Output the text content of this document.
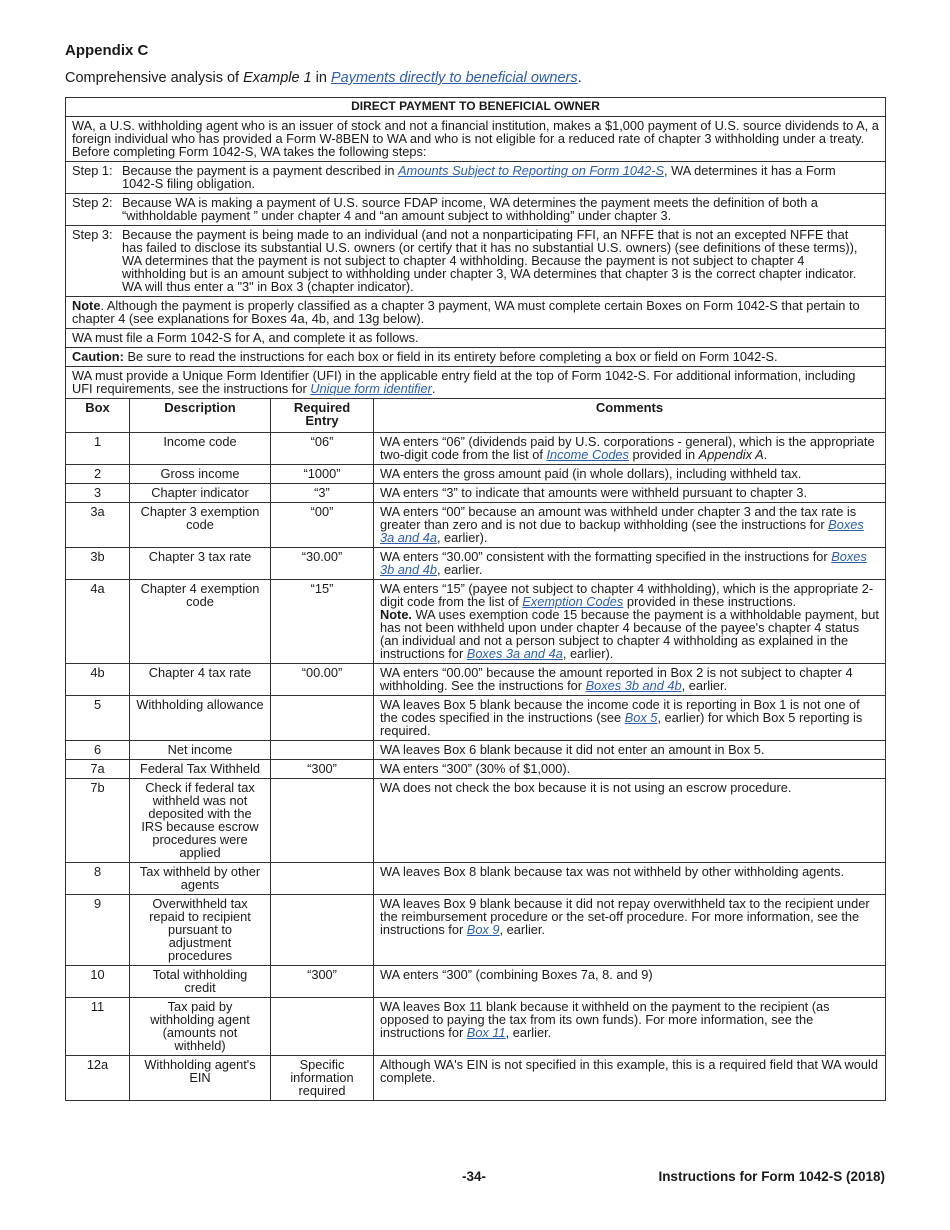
Appendix C
Comprehensive analysis of Example 1 in Payments directly to beneficial owners.
DIRECT PAYMENT TO BENEFICIAL OWNER			
WA, a U.S. withholding agent who is an issuer of stock and not a financial institution, makes a $1,000 payment of U.S. source dividends to A, a foreign individual who has provided a Form W-8BEN to WA and who is not eligible for a reduced rate of chapter 3 withholding under a treaty. Before completing Form 1042-S, WA takes the following steps:			
Step 1: Because the payment is a payment described in Amounts Subject to Reporting on Form 1042-S, WA determines it has a Form 1042-S filing obligation.			
Step 2: Because WA is making a payment of U.S. source FDAP income, WA determines the payment meets the definition of both a “withholdable payment ” under chapter 4 and “an amount subject to withholding” under chapter 3.			
Step 3: Because the payment is being made to an individual (and not a nonparticipating FFI, an NFFE that is not an excepted NFFE that has failed to disclose its substantial U.S. owners (or certify that it has no substantial U.S. owners) (see definitions of these terms)), WA determines that the payment is not subject to chapter 4 withholding. Because the payment is not subject to chapter 4 withholding but is an amount subject to withholding under chapter 3, WA determines that chapter 3 is the correct chapter indicator. WA will thus enter a "3" in Box 3 (chapter indicator).			
Note. Although the payment is properly classified as a chapter 3 payment, WA must complete certain Boxes on Form 1042-S that pertain to chapter 4 (see explanations for Boxes 4a, 4b, and 13g below).			
WA must file a Form 1042-S for A, and complete it as follows.			
Caution: Be sure to read the instructions for each box or field in its entirety before completing a box or field on Form 1042-S.			
WA must provide a Unique Form Identifier (UFI) in the applicable entry field at the top of Form 1042-S. For additional information, including UFI requirements, see the instructions for Unique form identifier.			
Box	Description	Required Entry	Comments
1	Income code	“06”	WA enters “06” (dividends paid by U.S. corporations - general), which is the appropriate two-digit code from the list of Income Codes provided in Appendix A.
2	Gross income	“1000”	WA enters the gross amount paid (in whole dollars), including withheld tax.
3	Chapter indicator	“3”	WA enters “3” to indicate that amounts were withheld pursuant to chapter 3.
3a	Chapter 3 exemption code	“00”	WA enters “00” because an amount was withheld under chapter 3 and the tax rate is greater than zero and is not due to backup withholding (see the instructions for Boxes 3a and 4a, earlier).
3b	Chapter 3 tax rate	“30.00”	WA enters “30.00” consistent with the formatting specified in the instructions for Boxes 3b and 4b, earlier.
4a	Chapter 4 exemption code	“15”	WA enters “15” (payee not subject to chapter 4 withholding), which is the appropriate 2-digit code from the list of Exemption Codes provided in these instructions.
Note. WA uses exemption code 15 because the payment is a withholdable payment, but has not been withheld upon under chapter 4 because of the payee's chapter 4 status (an individual and not a person subject to chapter 4 withholding as explained in the instructions for Boxes 3a and 4a, earlier).
4b	Chapter 4 tax rate	“00.00”	WA enters “00.00” because the amount reported in Box 2 is not subject to chapter 4 withholding. See the instructions for Boxes 3b and 4b, earlier.
5	Withholding allowance		WA leaves Box 5 blank because the income code it is reporting in Box 1 is not one of the codes specified in the instructions (see Box 5, earlier) for which Box 5 reporting is required.
6	Net income		WA leaves Box 6 blank because it did not enter an amount in Box 5.
7a	Federal Tax Withheld	“300”	WA enters “300” (30% of $1,000).
7b	Check if federal tax withheld was not deposited with the IRS because escrow procedures were applied		WA does not check the box because it is not using an escrow procedure.
8	Tax withheld by other agents		WA leaves Box 8 blank because tax was not withheld by other withholding agents.
9	Overwithheld tax repaid to recipient pursuant to adjustment procedures		WA leaves Box 9 blank because it did not repay overwithheld tax to the recipient under the reimbursement procedure or the set-off procedure. For more information, see the instructions for Box 9, earlier.
10	Total withholding credit	“300”	WA enters “300” (combining Boxes 7a, 8. and 9)
11	Tax paid by withholding agent (amounts not withheld)		WA leaves Box 11 blank because it withheld on the payment to the recipient (as opposed to paying the tax from its own funds). For more information, see the instructions for Box 11, earlier.
12a	Withholding agent's EIN	Specific information required	Although WA's EIN is not specified in this example, this is a required field that WA would complete.
-34-	Instructions for Form 1042-S (2018)
